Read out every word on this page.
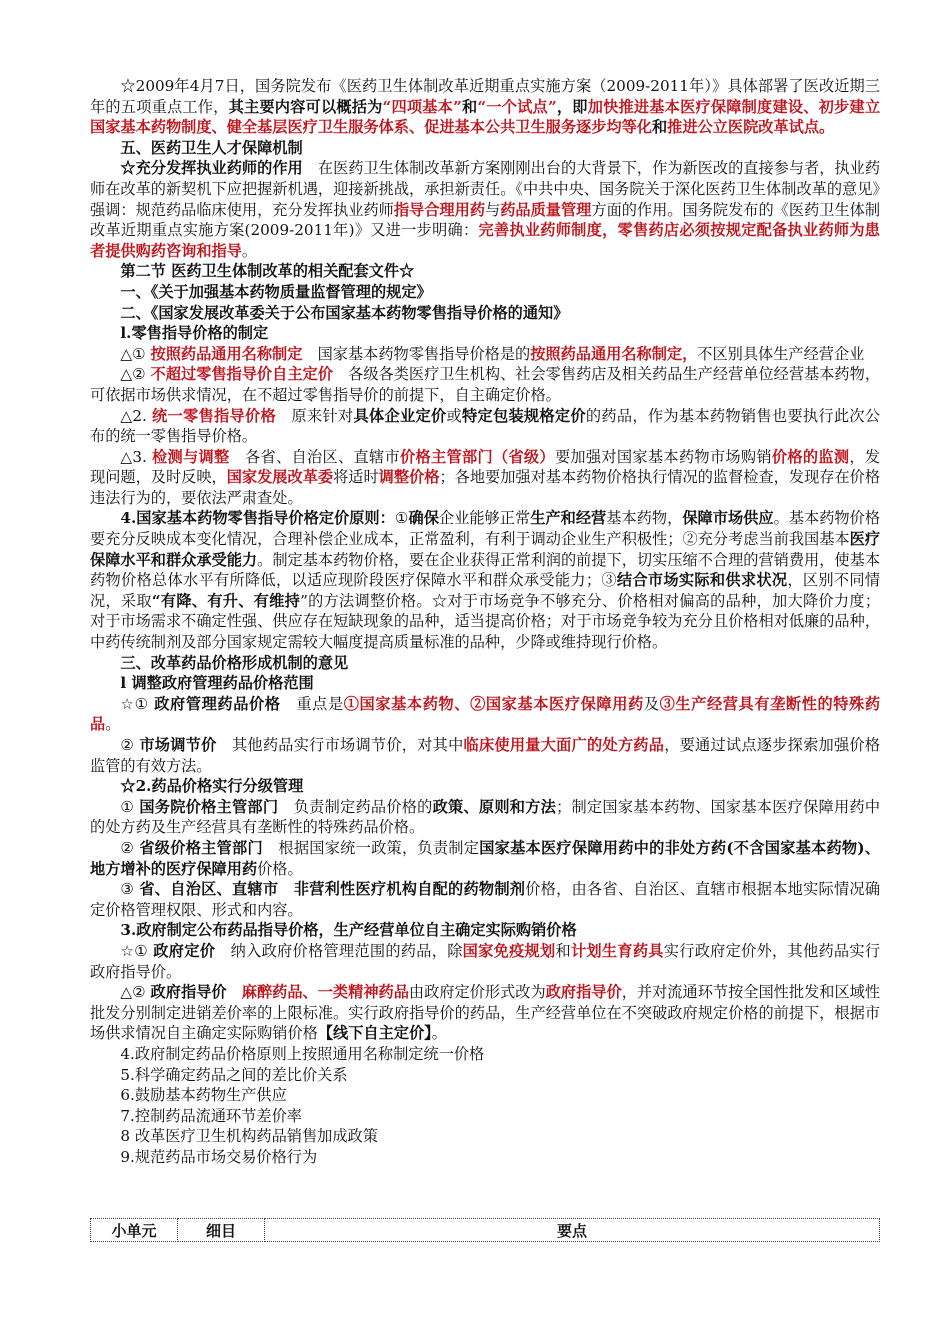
☆2009年4月7日，国务院发布《医药卫生体制改革近期重点实施方案（2009-2011年）》具体部署了医改近期三年的五项重点工作，其主要内容可以概括为“四项基本”和“一个试点”，即加快推进基本医疗保障制度建设、初步建立国家基本药物制度、健全基层医疗卫生服务体系、促进基本公共卫生服务逐步均等化和推进公立医院改革试点。

五、医药卫生人才保障机制

☆充分发挥执业药师的作用　在医药卫生体制改革新方案刚刚出台的大背景下，作为新医改的直接参与者，执业药师在改革的新契机下应把握新机遇，迎接新挑战，承担新责任。《中共中央、国务院关于深化医药卫生体制改革的意见》强调：规范药品临床使用，充分发挥执业药师指导合理用药与药品质量管理方面的作用。国务院发布的《医药卫生体制改革近期重点实施方案(2009-2011年)》又进一步明确：完善执业药师制度，零售药店必须按规定配备执业药师为患者提供购药咨询和指导。

第二节 医药卫生体制改革的相关配套文件☆

一、《关于加强基本药物质量监督管理的规定》

二、《国家发展改革委关于公布国家基本药物零售指导价格的通知》

l.零售指导价格的制定

△① 按照药品通用名称制定　国家基本药物零售指导价格是的按照药品通用名称制定，不区别具体生产经营企业

△② 不超过零售指导价自主定价　各级各类医疗卫生机构、社会零售药店及相关药品生产经营单位经营基本药物，可依据市场供求情况，在不超过零售指导价的前提下，自主确定价格。

△2. 统一零售指导价格　原来针对具体企业定价或特定包装规格定价的药品，作为基本药物销售也要执行此次公布的统一零售指导价格。

△3. 检测与调整　各省、自治区、直辖市价格主管部门（省级）要加强对国家基本药物市场购销价格的监测，发现问题，及时反映，国家发展改革委将适时调整价格；各地要加强对基本药物价格执行情况的监督检查，发现存在价格违法行为的，要依法严肃查处。

4.国家基本药物零售指导价格定价原则：①确保企业能够正常生产和经营基本药物，保障市场供应。基本药物价格要充分反映成本变化情况，合理补偿企业成本，正常盈利，有利于调动企业生产积极性；②充分考虑当前我国基本医疗保障水平和群众承受能力。制定基本药物价格，要在企业获得正常利润的前提下，切实压缩不合理的营销费用，使基本药物价格总体水平有所降低，以适应现阶段医疗保障水平和群众承受能力；③结合市场实际和供求状况，区别不同情况，采取“有降、有升、有维持”的方法调整价格。☆对于市场竞争不够充分、价格相对偏高的品种，加大降价力度；对于市场需求不确定性强、供应存在短缺现象的品种，适当提高价格；对于市场竞争较为充分且价格相对低廉的品种，中药传统制剂及部分国家规定需较大幅度提高质量标准的品种，少降或维持现行价格。

三、改革药品价格形成机制的意见

l 调整政府管理药品价格范围

☆① 政府管理药品价格　重点是①国家基本药物、②国家基本医疗保障用药及③生产经营具有垄断性的特殊药品。

② 市场调节价　其他药品实行市场调节价，对其中临床使用量大面广的处方药品，要通过试点逐步探索加强价格监管的有效方法。

☆2.药品价格实行分级管理

① 国务院价格主管部门　负责制定药品价格的政策、原则和方法；制定国家基本药物、国家基本医疗保障用药中的处方药及生产经营具有垄断性的特殊药品价格。

② 省级价格主管部门　根据国家统一政策，负责制定国家基本医疗保障用药中的非处方药(不含国家基本药物)、地方增补的医疗保障用药价格。

③ 省、自治区、直辖市　 非营利性医疗机构自配的药物制剂价格，由各省、自治区、直辖市根据本地实际情况确定价格管理权限、形式和内容。

3.政府制定公布药品指导价格，生产经营单位自主确定实际购销价格

☆① 政府定价　纳入政府价格管理范围的药品，除国家免疫规划和计划生育药具实行政府定价外，其他药品实行政府指导价。

△② 政府指导价　 麻醉药品、一类精神药品由政府定价形式改为政府指导价，并对流通环节按全国性批发和区域性批发分别制定进销差价率的上限标准。实行政府指导价的药品，生产经营单位在不突破政府规定价格的前提下，根据市场供求情况自主确定实际购销价格【线下自主定价】。

4.政府制定药品价格原则上按照通用名称制定统一价格

5.科学确定药品之间的差比价关系

6.鼓励基本药物生产供应

7.控制药品流通环节差价率

8 改革医疗卫生机构药品销售加成政策

9.规范药品市场交易价格行为

小单元	细目	要点
